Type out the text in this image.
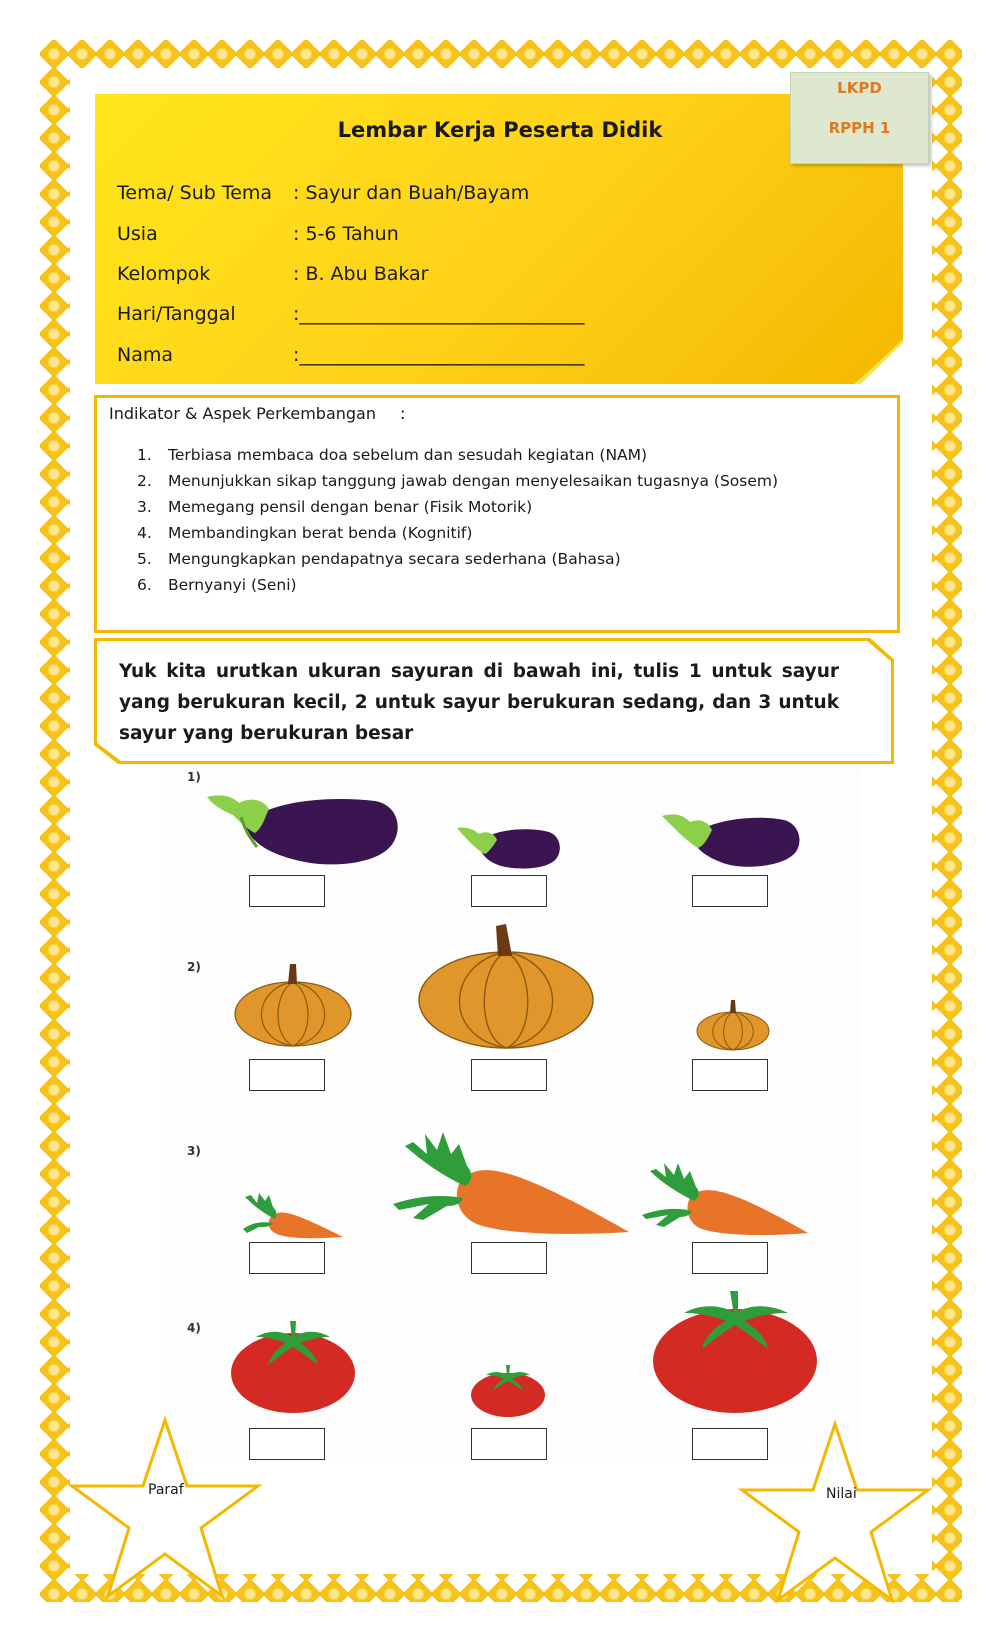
LKPD
RPPH 1
Lembar Kerja Peserta Didik
Tema/ Sub Tema : Sayur dan Buah/Bayam
Usia	: 5-6 Tahun
Kelompok	: B. Abu Bakar
Hari/Tanggal	:______________________________
Nama	:______________________________
Indikator & Aspek Perkembangan :
1.	Terbiasa membaca doa sebelum dan sesudah kegiatan (NAM)
2.	Menunjukkan sikap tanggung jawab dengan menyelesaikan tugasnya (Sosem)
3.	Memegang pensil dengan benar (Fisik Motorik)
4.	Membandingkan berat benda (Kognitif)
5.	Mengungkapkan pendapatnya secara sederhana (Bahasa)
6.	Bernyanyi (Seni)
Yuk kita urutkan ukuran sayuran di bawah ini, tulis 1 untuk sayur yang berukuran kecil, 2 untuk sayur berukuran sedang, dan 3 untuk sayur yang berukuran besar
1)
2)
3)
4)
Paraf	Nilai
